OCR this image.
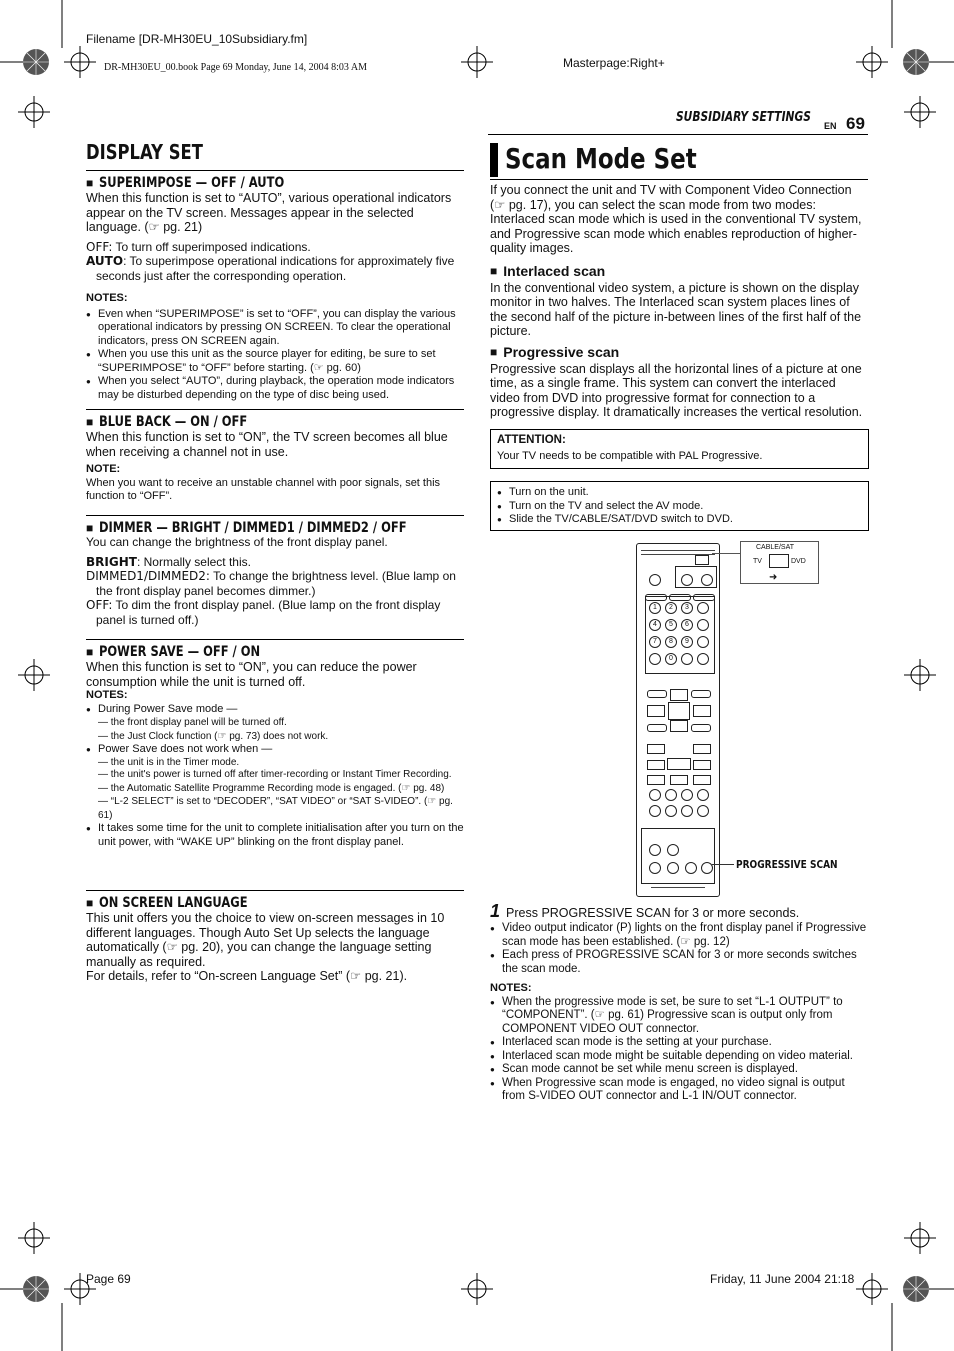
Filename [DR-MH30EU_10Subsidiary.fm]
DR-MH30EU_00.book Page 69 Monday, June 14, 2004 8:03 AM	Masterpage:Right+
Page 69	Friday, 11 June 2004 21:18
SUBSIDIARY SETTINGS
EN 69
DISPLAY SET
■ SUPERIMPOSE — OFF / AUTO

When this function is set to “AUTO”, various operational indicators appear on the TV screen. Messages appear in the selected language. (☞ pg. 21)

OFF: To turn off superimposed indications.

AUTO: To superimpose operational indications for approximately five seconds just after the corresponding operation.

NOTES:

● Even when “SUPERIMPOSE” is set to “OFF”, you can display the various operational indicators by pressing ON SCREEN. To clear the operational indicators, press ON SCREEN again.

● When you use this unit as the source player for editing, be sure to set “SUPERIMPOSE” to “OFF” before starting. (☞ pg. 60)

● When you select “AUTO”, during playback, the operation mode indicators may be disturbed depending on the type of disc being used.

■ BLUE BACK — ON / OFF

When this function is set to “ON”, the TV screen becomes all blue when receiving a channel not in use.

NOTE:

When you want to receive an unstable channel with poor signals, set this function to “OFF”.

■ DIMMER — BRIGHT / DIMMED1 / DIMMED2 / OFF

You can change the brightness of the front display panel.

BRIGHT: Normally select this.

DIMMED1/DIMMED2: To change the brightness level. (Blue lamp on the front display panel becomes dimmer.)

OFF: To dim the front display panel. (Blue lamp on the front display panel is turned off.)

■ POWER SAVE — OFF / ON

When this function is set to “ON”, you can reduce the power consumption while the unit is turned off.

NOTES:

● During Power Save mode —

— the front display panel will be turned off.

— the Just Clock function (☞ pg. 73) does not work.

● Power Save does not work when —

— the unit is in the Timer mode.

— the unit's power is turned off after timer-recording or Instant Timer Recording.

— the Automatic Satellite Programme Recording mode is engaged. (☞ pg. 48)

— “L-2 SELECT” is set to “DECODER”, “SAT VIDEO” or “SAT S-VIDEO”. (☞ pg. 61)

● It takes some time for the unit to complete initialisation after you turn on the unit power, with “WAKE UP” blinking on the front display panel.

■ ON SCREEN LANGUAGE

This unit offers you the choice to view on-screen messages in 10 different languages. Though Auto Set Up selects the language automatically (☞ pg. 20), you can change the language setting manually as required.

For details, refer to “On-screen Language Set” (☞ pg. 21).

Scan Mode Set

If you connect the unit and TV with Component Video Connection (☞ pg. 17), you can select the scan mode from two modes: Interlaced scan mode which is used in the conventional TV system, and Progressive scan mode which enables reproduction of higher-quality images.

■ Interlaced scan

In the conventional video system, a picture is shown on the display monitor in two halves. The Interlaced scan system places lines of the second half of the picture in-between lines of the first half of the picture.

■ Progressive scan

Progressive scan displays all the horizontal lines of a picture at one time, as a single frame. This system can convert the interlaced video from DVD into progressive format for connection to a progressive display. It dramatically increases the vertical resolution.

ATTENTION:
Your TV needs to be compatible with PAL Progressive.

● Turn on the unit.

● Turn on the TV and select the AV mode.

● Slide the TV/CABLE/SAT/DVD switch to DVD.

1	2	3
4	5	6
7	8	9
0
CABLE/SAT
TV	DVD
➜
PROGRESSIVE SCAN
1 Press PROGRESSIVE SCAN for 3 or more seconds.

● Video output indicator (P) lights on the front display panel if Progressive scan mode has been established. (☞ pg. 12)

● Each press of PROGRESSIVE SCAN for 3 or more seconds switches the scan mode.

NOTES:

● When the progressive mode is set, be sure to set “L-1 OUTPUT” to “COMPONENT”. (☞ pg. 61) Progressive scan is output only from COMPONENT VIDEO OUT connector.

● Interlaced scan mode is the setting at your purchase.

● Interlaced scan mode might be suitable depending on video material.

● Scan mode cannot be set while menu screen is displayed.

● When Progressive scan mode is engaged, no video signal is output from S-VIDEO OUT connector and L-1 IN/OUT connector.
